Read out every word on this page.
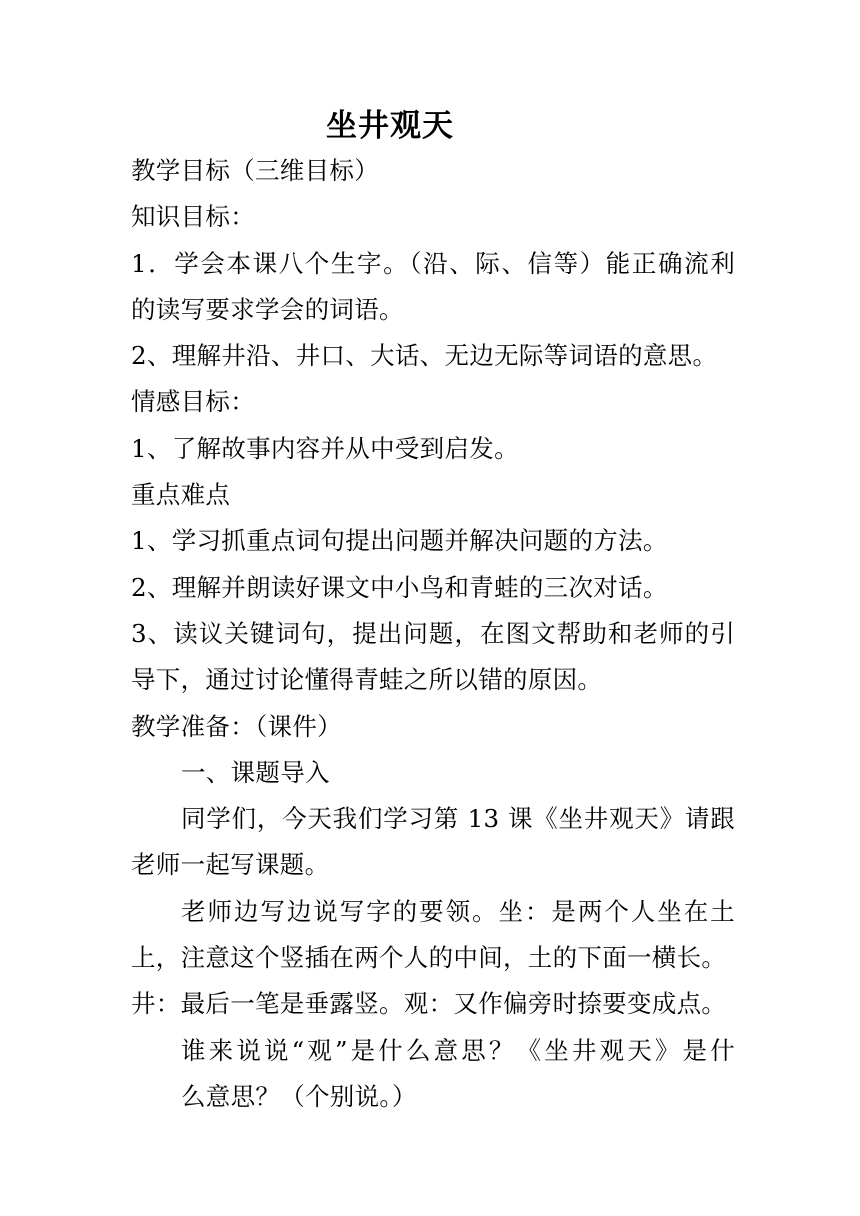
坐井观天
教学目标（三维目标）
知识目标：
1．学会本课八个生字。（沿、际、信等）能正确流利
的读写要求学会的词语。
2、理解井沿、井口、大话、无边无际等词语的意思。
情感目标：
1、了解故事内容并从中受到启发。
重点难点
1、学习抓重点词句提出问题并解决问题的方法。
2、理解并朗读好课文中小鸟和青蛙的三次对话。
3、读议关键词句，提出问题，在图文帮助和老师的引
导下，通过讨论懂得青蛙之所以错的原因。
教学准备：（课件）
一、课题导入
同学们，今天我们学习第 13 课《坐井观天》请跟
老师一起写课题。
老师边写边说写字的要领。坐：是两个人坐在土
上，注意这个竖插在两个人的中间，土的下面一横长。
井：最后一笔是垂露竖。观：又作偏旁时捺要变成点。
谁来说说“观”是什么意思？《坐井观天》是什
么意思？（个别说。）
